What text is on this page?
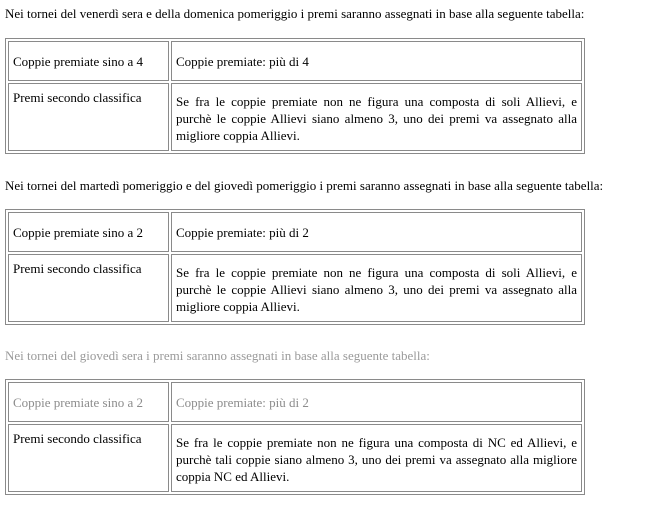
Nei tornei del venerdì sera e della domenica pomeriggio i premi saranno assegnati in base alla seguente tabella:
Coppie premiate sino a 4	Coppie premiate: più di 4
Premi secondo classifica	Se fra le coppie premiate non ne figura una composta di soli Allievi, e purchè le coppie Allievi siano almeno 3, uno dei premi va assegnato alla migliore coppia Allievi.
Nei tornei del martedì pomeriggio e del giovedì pomeriggio i premi saranno assegnati in base alla seguente tabella:
Coppie premiate sino a 2	Coppie premiate: più di 2
Premi secondo classifica	Se fra le coppie premiate non ne figura una composta di soli Allievi, e purchè le coppie Allievi siano almeno 3, uno dei premi va assegnato alla migliore coppia Allievi.
Nei tornei del giovedì sera i premi saranno assegnati in base alla seguente tabella:
Coppie premiate sino a 2	Coppie premiate: più di 2
Premi secondo classifica	Se fra le coppie premiate non ne figura una composta di NC ed Allievi, e purchè tali coppie siano almeno 3, uno dei premi va assegnato alla migliore coppia NC ed Allievi.
